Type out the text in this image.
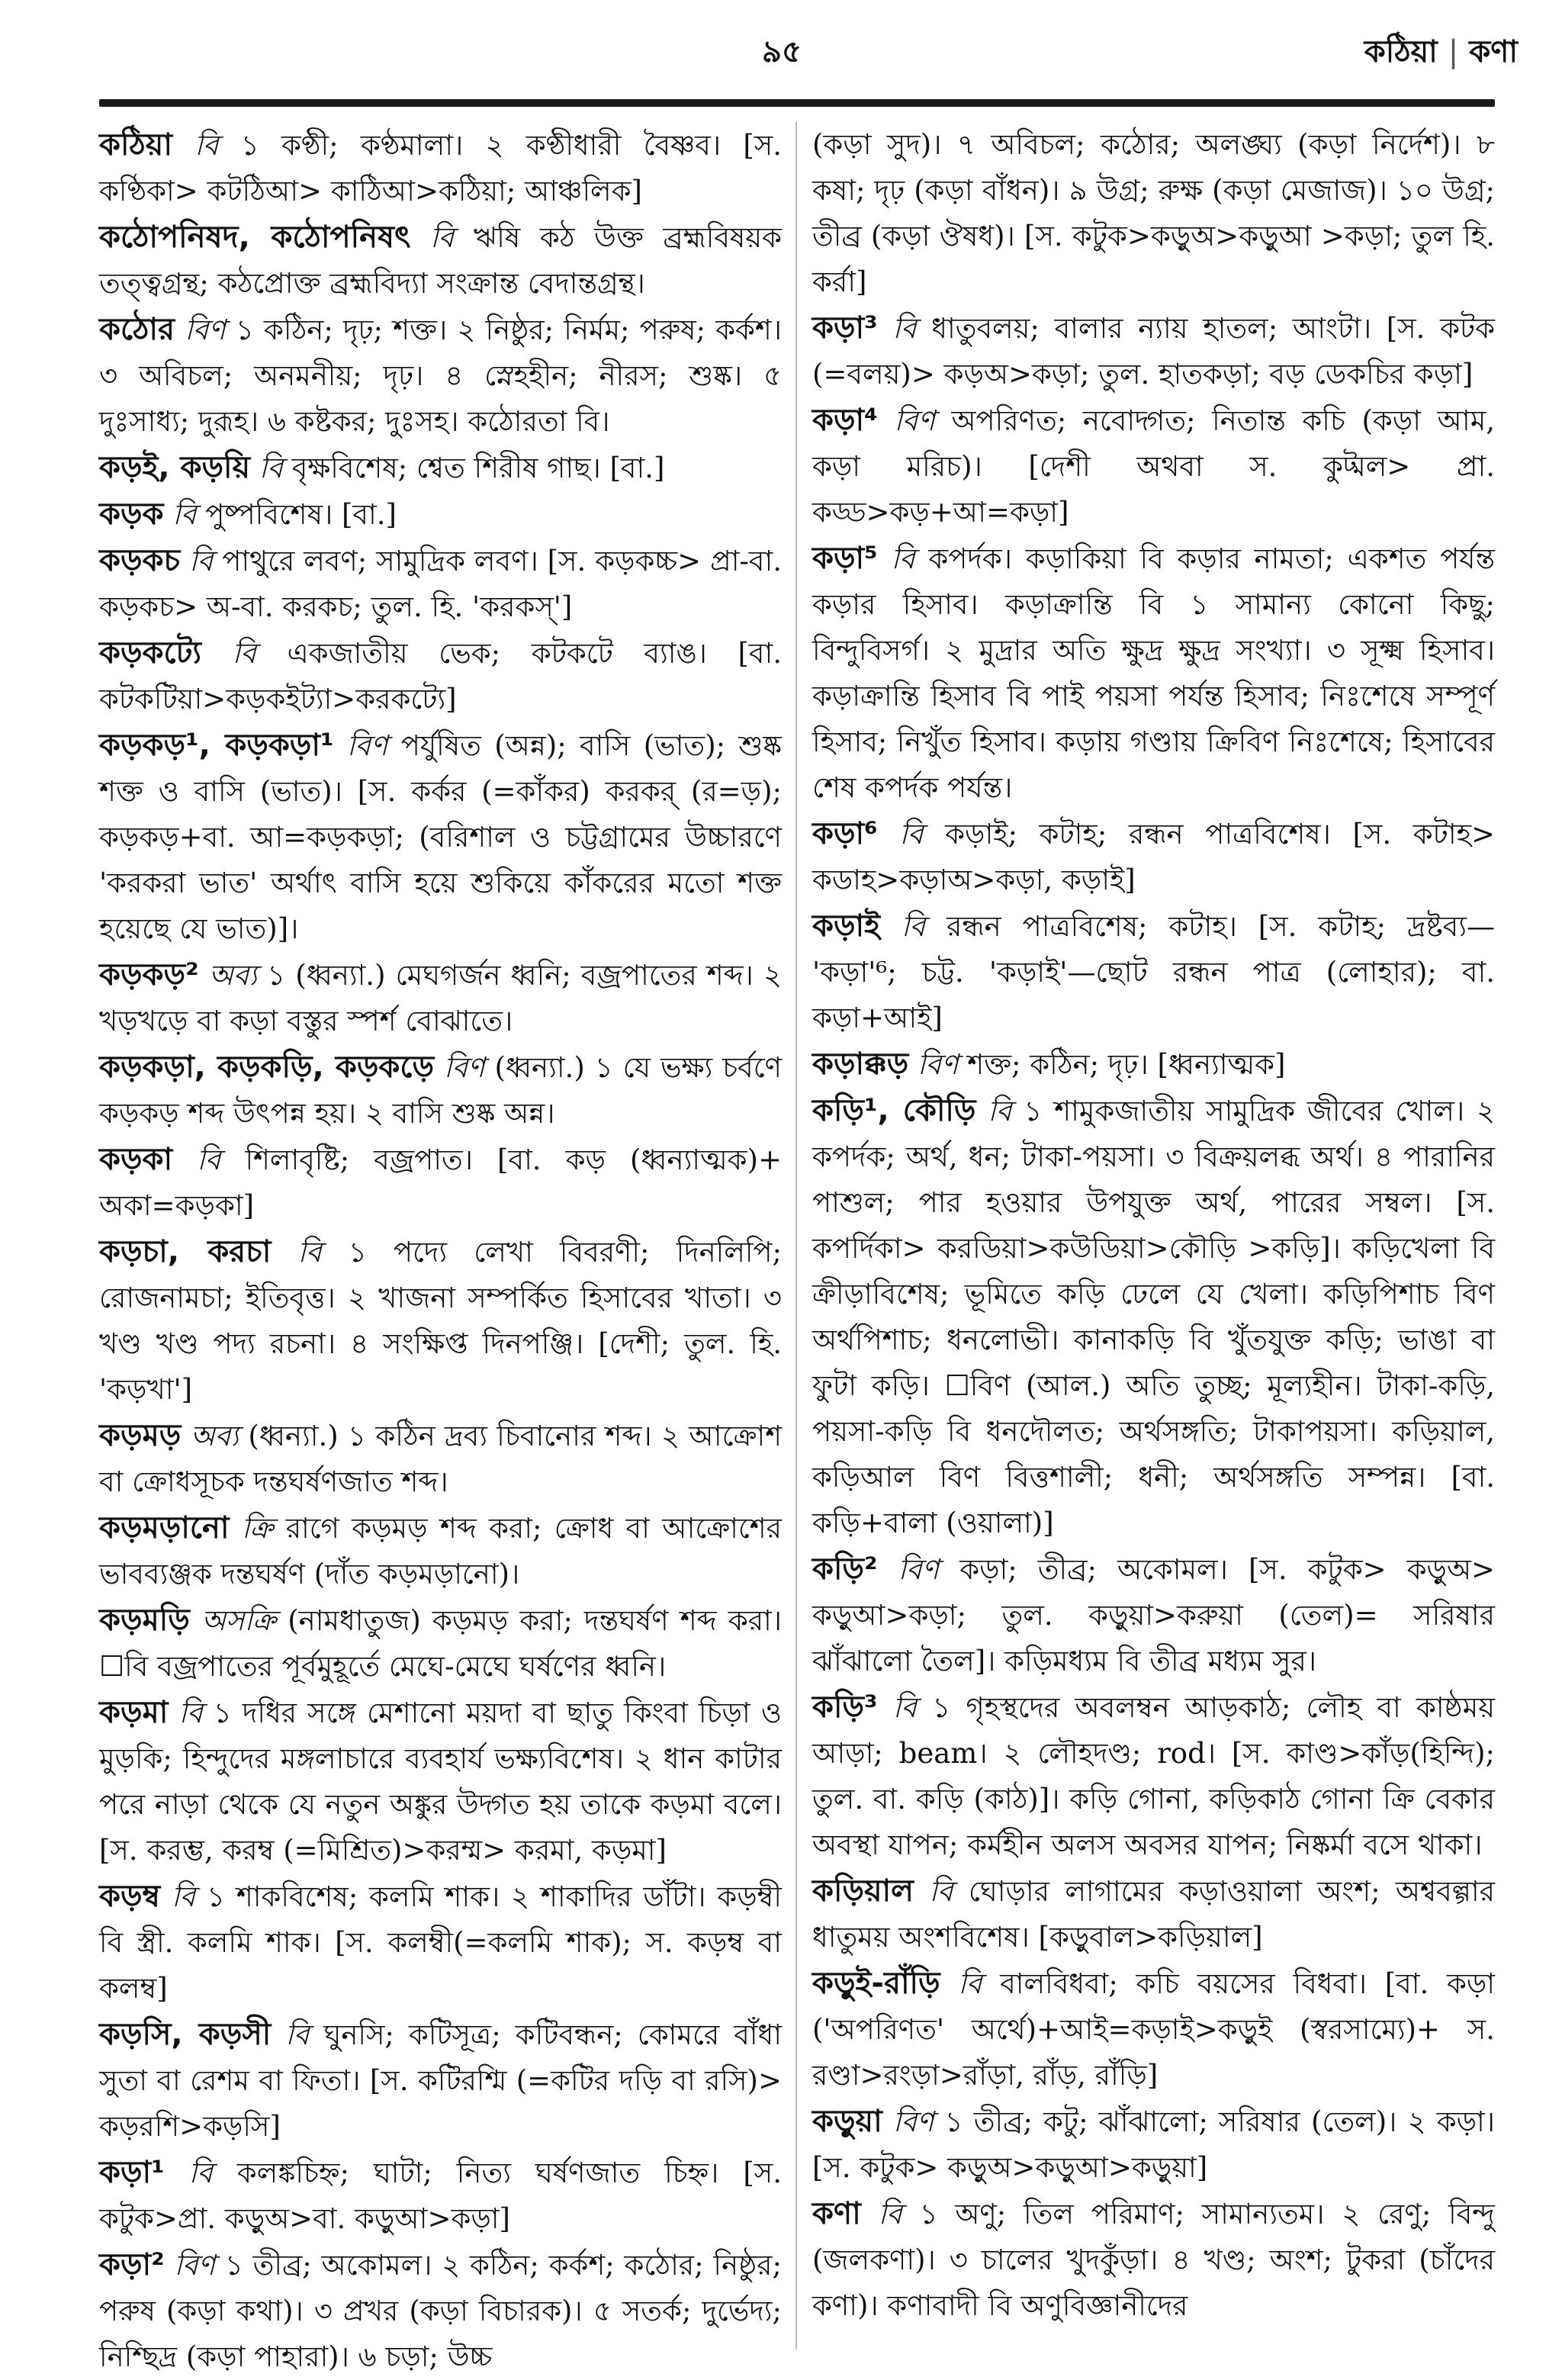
৯৫	কঠিয়া | কণা

কঠিয়া বি ১ কণ্ঠী; কণ্ঠমালা। ২ কণ্ঠীধারী বৈষ্ণব। [স. কণ্ঠিকা> কটঠিআ> কাঠিআ>কঠিয়া; আঞ্চলিক]

কঠোপনিষদ, কঠোপনিষৎ বি ঋষি কঠ উক্ত ব্রহ্মবিষয়ক তত্ত্বগ্রন্থ; কঠপ্রোক্ত ব্রহ্মবিদ্যা সংক্রান্ত বেদান্তগ্রন্থ।

কঠোর বিণ ১ কঠিন; দৃঢ়; শক্ত। ২ নিষ্ঠুর; নির্মম; পরুষ; কর্কশ। ৩ অবিচল; অনমনীয়; দৃঢ়। ৪ স্নেহহীন; নীরস; শুষ্ক। ৫ দুঃসাধ্য; দুরূহ। ৬ কষ্টকর; দুঃসহ। কঠোরতা বি।

কড়ই, কড়য়ি বি বৃক্ষবিশেষ; শ্বেত শিরীষ গাছ। [বা.]

কড়ক বি পুষ্পবিশেষ। [বা.]

কড়কচ বি পাথুরে লবণ; সামুদ্রিক লবণ। [স. কড়কচ্চ> প্রা-বা. কড়কচ> অ-বা. করকচ; তুল. হি. 'করকস্']

কড়কট্যে বি একজাতীয় ভেক; কটকটে ব্যাঙ। [বা. কটকটিয়া>কড়কইট্যা>করকট্যে]

কড়কড়¹, কড়কড়া¹ বিণ পর্যুষিত (অন্ন); বাসি (ভাত); শুষ্ক শক্ত ও বাসি (ভাত)। [স. কর্কর (=কাঁকর) করকর্ (র=ড়); কড়কড়+বা. আ=কড়কড়া; (বরিশাল ও চট্টগ্রামের উচ্চারণে 'করকরা ভাত' অর্থাৎ বাসি হয়ে শুকিয়ে কাঁকরের মতো শক্ত হয়েছে যে ভাত)]।

কড়কড়² অব্য ১ (ধ্বন্যা.) মেঘগর্জন ধ্বনি; বজ্রপাতের শব্দ। ২ খড়খড়ে বা কড়া বস্তুর স্পর্শ বোঝাতে।

কড়কড়া, কড়কড়ি, কড়কড়ে বিণ (ধ্বন্যা.) ১ যে ভক্ষ্য চর্বণে কড়কড় শব্দ উৎপন্ন হয়। ২ বাসি শুষ্ক অন্ন।

কড়কা বি শিলাবৃষ্টি; বজ্রপাত। [বা. কড় (ধ্বন্যাত্মক)+ অকা=কড়কা]

কড়চা, করচা বি ১ পদ্যে লেখা বিবরণী; দিনলিপি; রোজনামচা; ইতিবৃত্ত। ২ খাজনা সম্পর্কিত হিসাবের খাতা। ৩ খণ্ড খণ্ড পদ্য রচনা। ৪ সংক্ষিপ্ত দিনপঞ্জি। [দেশী; তুল. হি. 'কড়খা']

কড়মড় অব্য (ধ্বন্যা.) ১ কঠিন দ্রব্য চিবানোর শব্দ। ২ আক্রোশ বা ক্রোধসূচক দন্তঘর্ষণজাত শব্দ।

কড়মড়ানো ক্রি রাগে কড়মড় শব্দ করা; ক্রোধ বা আক্রোশের ভাবব্যঞ্জক দন্তঘর্ষণ (দাঁত কড়মড়ানো)।

কড়মড়ি অসক্রি (নামধাতুজ) কড়মড় করা; দন্তঘর্ষণ শব্দ করা। ☐বি বজ্রপাতের পূর্বমুহূর্তে মেঘে-মেঘে ঘর্ষণের ধ্বনি।

কড়মা বি ১ দধির সঙ্গে মেশানো ময়দা বা ছাতু কিংবা চিড়া ও মুড়কি; হিন্দুদের মঙ্গলাচারে ব্যবহার্য ভক্ষ্যবিশেষ। ২ ধান কাটার পরে নাড়া থেকে যে নতুন অঙ্কুর উদ্গত হয় তাকে কড়মা বলে। [স. করম্ভ, করম্ব (=মিশ্রিত)>করম্ম> করমা, কড়মা]

কড়ম্ব বি ১ শাকবিশেষ; কলমি শাক। ২ শাকাদির ডাঁটা। কড়ম্বী বি স্ত্রী. কলমি শাক। [স. কলম্বী(=কলমি শাক); স. কড়ম্ব বা কলম্ব]

কড়সি, কড়সী বি ঘুনসি; কটিসূত্র; কটিবন্ধন; কোমরে বাঁধা সুতা বা রেশম বা ফিতা। [স. কটিরশ্মি (=কটির দড়ি বা রসি)> কড়রশি>কড়সি]

কড়া¹ বি কলঙ্কচিহ্ন; ঘাটা; নিত্য ঘর্ষণজাত চিহ্ন। [স. কটুক>প্রা. কড়ুঅ>বা. কড়ুআ>কড়া]

কড়া² বিণ ১ তীব্র; অকোমল। ২ কঠিন; কর্কশ; কঠোর; নিষ্ঠুর; পরুষ (কড়া কথা)। ৩ প্রখর (কড়া বিচারক)। ৫ সতর্ক; দুর্ভেদ্য; নিশ্ছিদ্র (কড়া পাহারা)। ৬ চড়া; উচ্চ

(কড়া সুদ)। ৭ অবিচল; কঠোর; অলঙ্ঘ্য (কড়া নির্দেশ)। ৮ কষা; দৃঢ় (কড়া বাঁধন)। ৯ উগ্র; রুক্ষ (কড়া মেজাজ)। ১০ উগ্র; তীব্র (কড়া ঔষধ)। [স. কটুক>কড়ুঅ>কড়ুআ >কড়া; তুল হি. কর্রা]

কড়া³ বি ধাতুবলয়; বালার ন্যায় হাতল; আংটা। [স. কটক (=বলয়)> কড়অ>কড়া; তুল. হাতকড়া; বড় ডেকচির কড়া]

কড়া⁴ বিণ অপরিণত; নবোদ্গত; নিতান্ত কচি (কড়া আম, কড়া মরিচ)। [দেশী অথবা স. কুট্মল> প্রা. কড্ড>কড়+আ=কড়া]

কড়া⁵ বি কপর্দক। কড়াকিয়া বি কড়ার নামতা; একশত পর্যন্ত কড়ার হিসাব। কড়াক্রান্তি বি ১ সামান্য কোনো কিছু; বিন্দুবিসর্গ। ২ মুদ্রার অতি ক্ষুদ্র ক্ষুদ্র সংখ্যা। ৩ সূক্ষ্ম হিসাব। কড়াক্রান্তি হিসাব বি পাই পয়সা পর্যন্ত হিসাব; নিঃশেষে সম্পূর্ণ হিসাব; নিখুঁত হিসাব। কড়ায় গণ্ডায় ক্রিবিণ নিঃশেষে; হিসাবের শেষ কপর্দক পর্যন্ত।

কড়া⁶ বি কড়াই; কটাহ; রন্ধন পাত্রবিশেষ। [স. কটাহ> কডাহ>কড়াঅ>কড়া, কড়াই]

কড়াই বি রন্ধন পাত্রবিশেষ; কটাহ। [স. কটাহ; দ্রষ্টব্য— 'কড়া'⁶; চট্ট. 'কড়াই'—ছোট রন্ধন পাত্র (লোহার); বা. কড়া+আই]

কড়াক্কড় বিণ শক্ত; কঠিন; দৃঢ়। [ধ্বন্যাত্মক]

কড়ি¹, কৌড়ি বি ১ শামুকজাতীয় সামুদ্রিক জীবের খোল। ২ কপর্দক; অর্থ, ধন; টাকা-পয়সা। ৩ বিক্রয়লব্ধ অর্থ। ৪ পারানির পাশুল; পার হওয়ার উপযুক্ত অর্থ, পারের সম্বল। [স. কপর্দিকা> করডিয়া>কউডিয়া>কৌড়ি >কড়ি]। কড়িখেলা বি ক্রীড়াবিশেষ; ভূমিতে কড়ি ঢেলে যে খেলা। কড়িপিশাচ বিণ অর্থপিশাচ; ধনলোভী। কানাকড়ি বি খুঁতযুক্ত কড়ি; ভাঙা বা ফুটা কড়ি। ☐বিণ (আল.) অতি তুচ্ছ; মূল্যহীন। টাকা-কড়ি, পয়সা-কড়ি বি ধনদৌলত; অর্থসঙ্গতি; টাকাপয়সা। কড়িয়াল, কড়িআল বিণ বিত্তশালী; ধনী; অর্থসঙ্গতি সম্পন্ন। [বা. কড়ি+বালা (ওয়ালা)]

কড়ি² বিণ কড়া; তীব্র; অকোমল। [স. কটুক> কড়ুঅ> কড়ুআ>কড়া; তুল. কড়ুয়া>করুয়া (তেল)= সরিষার ঝাঁঝালো তৈল]। কড়িমধ্যম বি তীব্র মধ্যম সুর।

কড়ি³ বি ১ গৃহস্থদের অবলম্বন আড়কাঠ; লৌহ বা কাষ্ঠময় আড়া; beam। ২ লৌহদণ্ড; rod। [স. কাণ্ড>কাঁড়(হিন্দি); তুল. বা. কড়ি (কাঠ)]। কড়ি গোনা, কড়িকাঠ গোনা ক্রি বেকার অবস্থা যাপন; কর্মহীন অলস অবসর যাপন; নিষ্কর্মা বসে থাকা।

কড়িয়াল বি ঘোড়ার লাগামের কড়াওয়ালা অংশ; অশ্ববল্গার ধাতুময় অংশবিশেষ। [কড়ুবাল>কড়িয়াল]

কড়ুই-রাঁড়ি বি বালবিধবা; কচি বয়সের বিধবা। [বা. কড়া ('অপরিণত' অর্থে)+আই=কড়াই>কড়ুই (স্বরসাম্যে)+ স. রণ্ডা>রংড়া>রাঁড়া, রাঁড়, রাঁড়ি]

কড়ুয়া বিণ ১ তীব্র; কটু; ঝাঁঝালো; সরিষার (তেল)। ২ কড়া। [স. কটুক> কড়ুঅ>কড়ুআ>কড়ুয়া]

কণা বি ১ অণু; তিল পরিমাণ; সামান্যতম। ২ রেণু; বিন্দু (জলকণা)। ৩ চালের খুদকুঁড়া। ৪ খণ্ড; অংশ; টুকরা (চাঁদের কণা)। কণাবাদী বি অণুবিজ্ঞানীদের
